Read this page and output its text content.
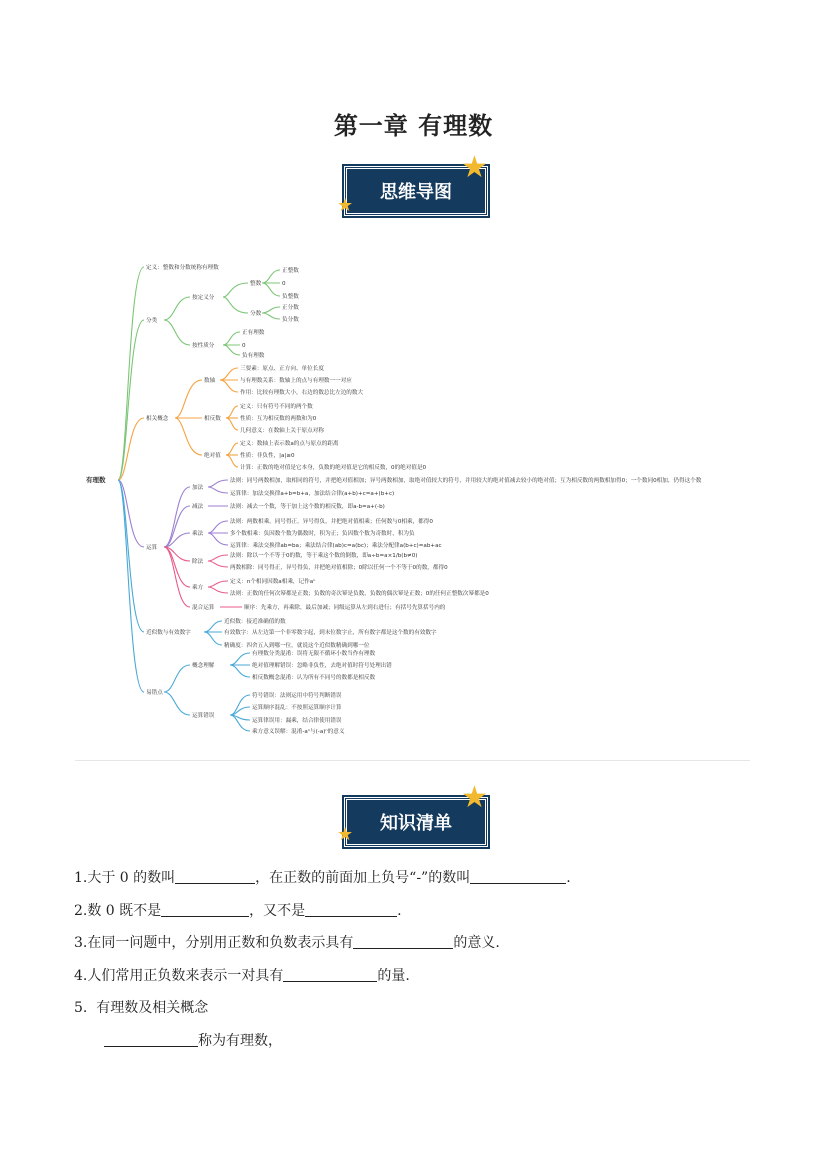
第一章 有理数
思维导图
★
★
有理数
定义：整数和分数统称有理数
分类
按定义分
整数
正整数
0
负整数
分数
正分数
负分数
按性质分
正有理数
0
负有理数
相关概念
数轴
三要素：原点、正方向、单位长度
与有理数关系：数轴上的点与有理数一一对应
作用：比较有理数大小，右边的数总比左边的数大
相反数
定义：只有符号不同的两个数
性质：互为相反数的两数和为0
几何意义：在数轴上关于原点对称
绝对值
定义：数轴上表示数a的点与原点的距离
性质：非负性，|a|≥0
计算：正数的绝对值是它本身，负数的绝对值是它的相反数，0的绝对值是0
运算
加法
法则：同号两数相加，取相同的符号，并把绝对值相加；异号两数相加，取绝对值较大的符号，并用较大的绝对值减去较小的绝对值；互为相反数的两数相加得0；一个数同0相加，仍得这个数
运算律：加法交换律a+b=b+a，加法结合律(a+b)+c=a+(b+c)
减法	法则：减去一个数，等于加上这个数的相反数，即a-b=a+(-b)
乘法
法则：两数相乘，同号得正，异号得负，并把绝对值相乘；任何数与0相乘，都得0
多个数相乘：负因数个数为偶数时，积为正；负因数个数为奇数时，积为负
运算律：乘法交换律ab=ba；乘法结合律(ab)c=a(bc)；乘法分配律a(b+c)=ab+ac
除法
法则：除以一个不等于0的数，等于乘这个数的倒数，即a÷b=a×1/b(b≠0)
两数相除：同号得正，异号得负，并把绝对值相除；0除以任何一个不等于0的数，都得0
乘方
定义：n个相同因数a相乘，记作aⁿ
法则：正数的任何次幂都是正数；负数的奇次幂是负数，负数的偶次幂是正数；0的任何正整数次幂都是0
混合运算	顺序：先乘方，再乘除，最后加减；同级运算从左到右进行；有括号先算括号内的
近似数与有效数字
近似数：接近准确值的数
有效数字：从左边第一个非零数字起，到末位数字止，所有数字都是这个数的有效数字
精确度：四舍五入到哪一位，就说这个近似数精确到哪一位
易错点
概念理解
有理数分类混淆：误将无限不循环小数当作有理数
绝对值理解错误：忽略非负性，去绝对值时符号处理出错
相反数概念混淆：认为所有不同号的数都是相反数
运算错误
符号错误：法则运用中符号判断错误
运算顺序混乱：不按照运算顺序计算
运算律误用：漏乘，结合律使用错误
乘方意义误解：混淆-aⁿ与(-a)ⁿ的意义
知识清单
★
★
1.大于 0 的数叫	，在正数的前面加上负号“-”的数叫	.
2.数 0 既不是	，又不是	.
3.在同一问题中，分别用正数和负数表示具有	的意义.
4.人们常用正负数来表示一对具有	的量.
5. 有理数及相关概念
称为有理数，
